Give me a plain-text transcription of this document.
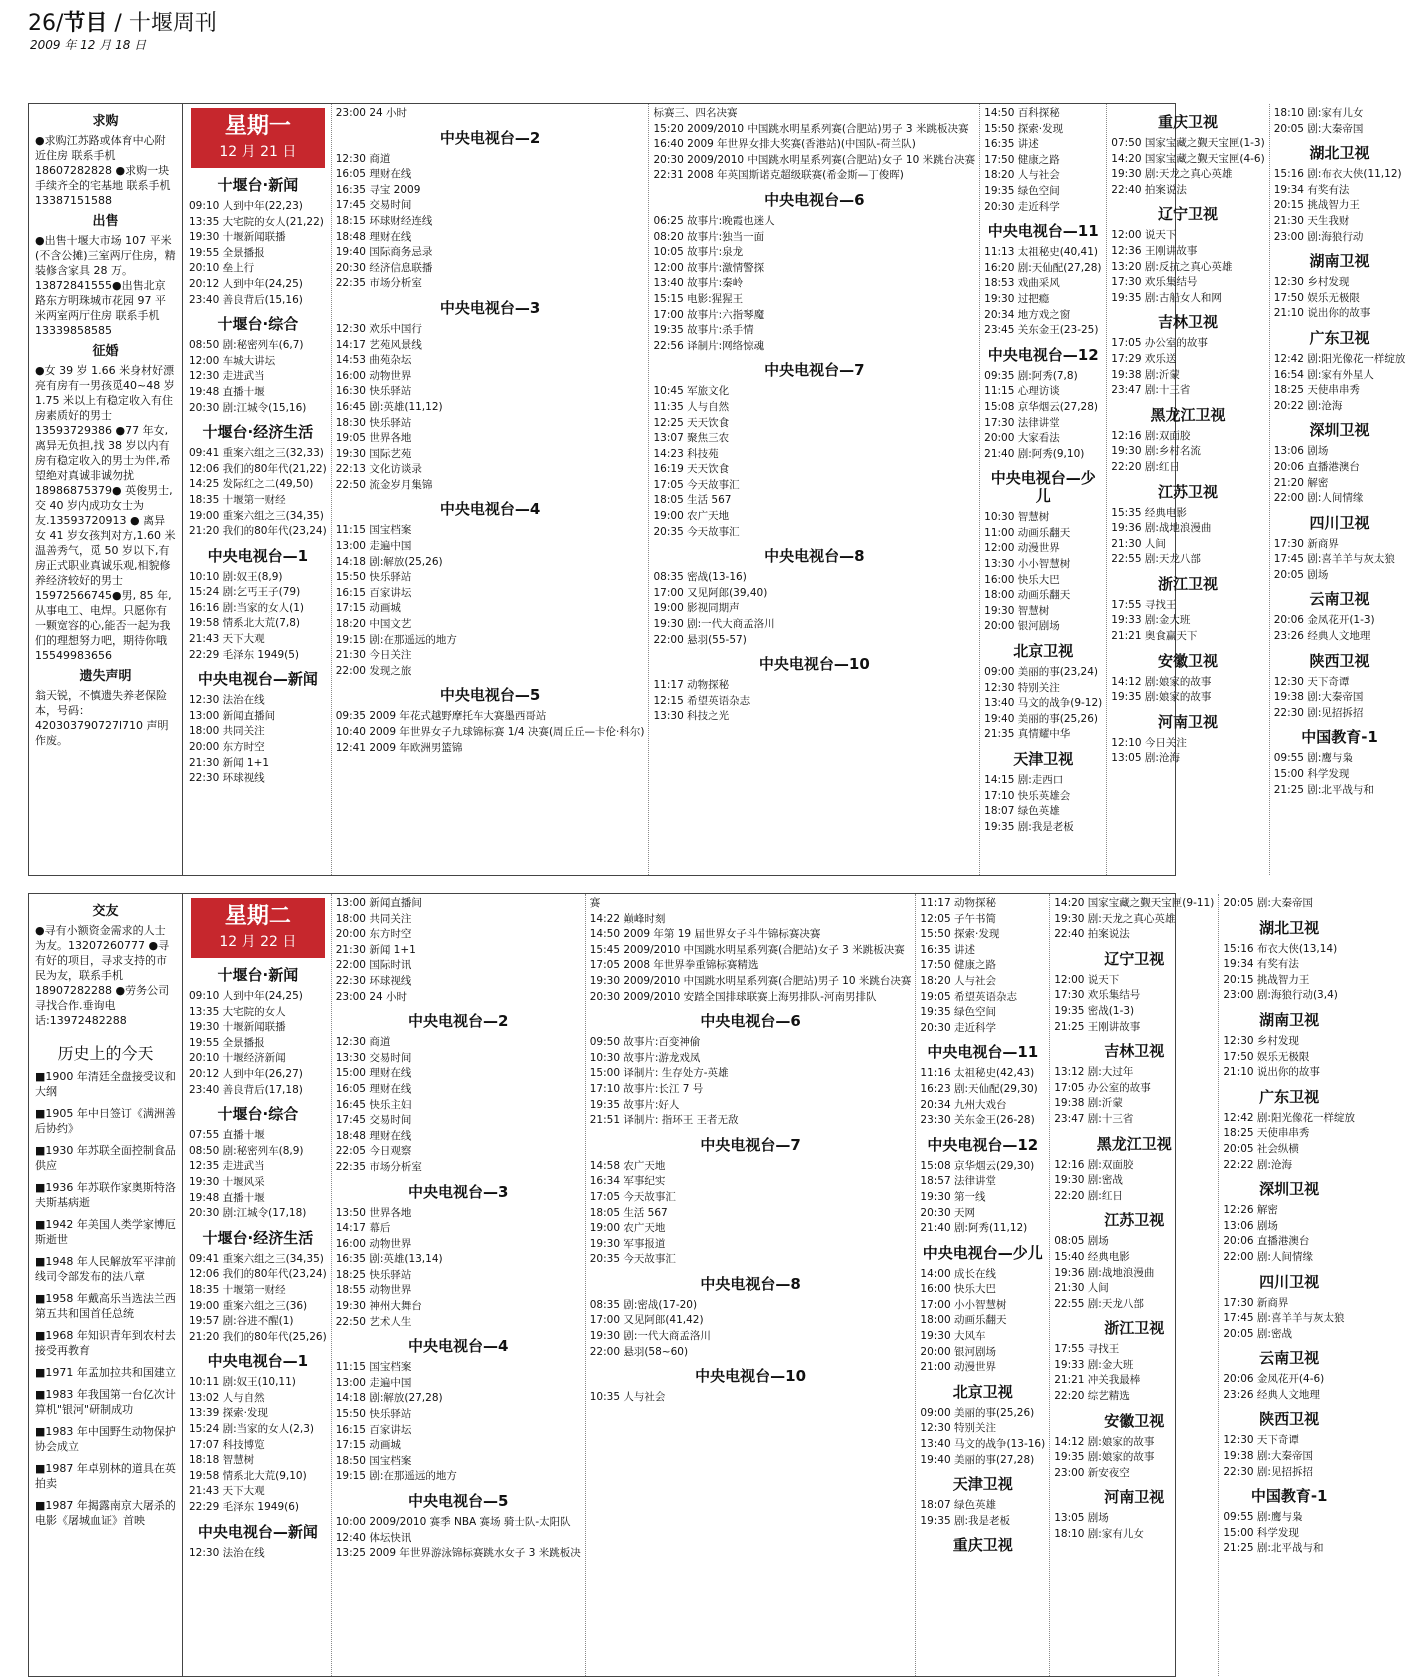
26/节目 / 十堰周刊
2009 年 12 月 18 日
求购

●求购江苏路或体育中心附近住房 联系手机 18607282828 ●求购一块手续齐全的宅基地 联系手机 13387151588

出售

●出售十堰大市场 107 平米(不含公摊)三室两厅住房，精装修含家具 28 万。13872841555●出售北京路东方明珠城市花园 97 平米两室两厅住房 联系手机 13339858585

征婚

●女 39 岁 1.66 米身材好漂亮有房有一男孩觅40~48 岁 1.75 米以上有稳定收入有住房素质好的男士 13593729386 ●77 年女, 离异无负担,找 38 岁以内有房有稳定收入的男士为伴,希望绝对真诚非诚勿扰 18986875379● 英俊男士, 交 40 岁内成功女士为友.13593720913 ● 离异女 41 岁女孩判对方,1.60 米温善秀气，觅 50 岁以下,有房正式职业真诚乐观,相貌修养经济较好的男士 15972566745●男, 85 年, 从事电工、电焊。只愿你有一颗宽容的心,能否一起为我们的理想努力吧，期待你哦 15549983656

遗失声明

翁天锐，不慎遗失养老保险本，号码：420303790727l710 声明作废。

星期一
12 月 21 日
十堰台·新闻
09:10 人到中年(22,23)
13:35 大宅院的女人(21,22)
19:30 十堰新闻联播
19:55 全景播报
20:10 垒上行
20:12 人到中年(24,25)
23:40 善良背后(15,16)
十堰台·综合
08:50 剧:秘密列车(6,7)
12:00 车城大讲坛
12:30 走进武当
19:48 直播十堰
20:30 剧:江城令(15,16)
十堰台·经济生活
09:41 重案六组之三(32,33)
12:06 我们的80年代(21,22)
14:25 发际红之二(49,50)
18:35 十堰第一财经
19:00 重案六组之三(34,35)
21:20 我们的80年代(23,24)
中央电视台—1
10:10 剧:奴王(8,9)
15:24 剧:乞丐王子(79)
16:16 剧:当家的女人(1)
19:58 情系北大荒(7,8)
21:43 天下大观
22:29 毛泽东 1949(5)
中央电视台—新闻
12:30 法治在线
13:00 新闻直播间
18:00 共同关注
20:00 东方时空
21:30 新闻 1+1
22:30 环球视线
23:00 24 小时
中央电视台—2
12:30 商道
16:05 理财在线
16:35 寻宝 2009
17:45 交易时间
18:15 环球财经连线
18:48 理财在线
19:40 国际商务忌录
20:30 经济信息联播
22:35 市场分析室
中央电视台—3
12:30 欢乐中国行
14:17 艺苑风景线
14:53 曲苑杂坛
16:00 动物世界
16:30 快乐驿站
16:45 剧:英雄(11,12)
18:30 快乐驿站
19:05 世界各地
19:30 国际艺苑
22:13 文化访谈录
22:50 流金岁月集锦
中央电视台—4
11:15 国宝档案
13:00 走遍中国
14:18 剧:解放(25,26)
15:50 快乐驿站
16:15 百家讲坛
17:15 动画城
18:20 中国文艺
19:15 剧:在那遥远的地方
21:30 今日关注
22:00 发现之旅
中央电视台—5
09:35 2009 年花式越野摩托车大赛墨西哥站
10:40 2009 年世界女子九球锦标赛 1/4 决赛(周丘丘—卡伦·科尔)
12:41 2009 年欧洲男篮锦
标赛三、四名决赛
15:20 2009/2010 中国跳水明星系列赛(合肥站)男子 3 米跳板决赛
16:40 2009 年世界女排大奖赛(香港站)(中国队-荷兰队)
20:30 2009/2010 中国跳水明星系列赛(合肥站)女子 10 米跳台决赛
22:31 2008 年英国斯诺克超级联赛(希金斯—丁俊晖)
中央电视台—6
06:25 故事片:晚霞也迷人
08:20 故事片:独当一面
10:05 故事片:泉龙
12:00 故事片:激情警探
13:40 故事片:秦岭
15:15 电影:猩猩王
17:00 故事片:六指琴魔
19:35 故事片:杀手情
22:56 译制片:网络惊魂
中央电视台—7
10:45 军旅文化
11:35 人与自然
12:25 天天饮食
13:07 聚焦三农
14:23 科技苑
16:19 天天饮食
17:05 今天故事汇
18:05 生活 567
19:00 农广天地
20:35 今天故事汇
中央电视台—8
08:35 密战(13-16)
17:00 又见阿郎(39,40)
19:00 影视同期声
19:30 剧:一代大商孟洛川
22:00 悬羽(55-57)
中央电视台—10
11:17 动物探秘
12:15 希望英语杂志
13:30 科技之光
14:50 百科探秘
15:50 探索·发现
16:35 讲述
17:50 健康之路
18:20 人与社会
19:35 绿色空间
20:30 走近科学
中央电视台—11
11:13 太祖秘史(40,41)
16:20 剧:天仙配(27,28)
18:53 戏曲采风
19:30 过把瘾
20:34 地方戏之窗
23:45 关东金王(23-25)
中央电视台—12
09:35 剧:阿秀(7,8)
11:15 心理访谈
15:08 京华烟云(27,28)
17:30 法律讲堂
20:00 大家看法
21:40 剧:阿秀(9,10)
中央电视台—少儿
10:30 智慧树
11:00 动画乐翻天
12:00 动漫世界
13:30 小小智慧树
16:00 快乐大巴
18:00 动画乐翻天
19:30 智慧树
20:00 银河剧场
北京卫视
09:00 美丽的事(23,24)
12:30 特别关注
13:40 马文的战争(9-12)
19:40 美丽的事(25,26)
21:35 真情耀中华
天津卫视
14:15 剧:走西口
17:10 快乐英雄会
18:07 绿色英雄
19:35 剧:我是老板
重庆卫视
07:50 国家宝藏之觐天宝匣(1-3)
14:20 国家宝藏之觐天宝匣(4-6)
19:30 剧:天龙之真心英雄
22:40 拍案说法
辽宁卫视
12:00 说天下
12:36 王刚讲故事
13:20 剧:反抗之真心英雄
17:30 欢乐集结号
19:35 剧:古船女人和网
吉林卫视
17:05 办公室的故事
17:29 欢乐送
19:38 剧:沂蒙
23:47 剧:十三省
黑龙江卫视
12:16 剧:双面胶
19:30 剧:乡村名流
22:20 剧:红日
江苏卫视
15:35 经典电影
19:36 剧:战地浪漫曲
21:30 人间
22:55 剧:天龙八部
浙江卫视
17:55 寻找王
19:33 剧:金大班
21:21 奥食赢天下
安徽卫视
14:12 剧:娘家的故事
19:35 剧:娘家的故事
河南卫视
12:10 今日关注
13:05 剧:沧海
18:10 剧:家有儿女
20:05 剧:大秦帝国
湖北卫视
15:16 剧:布衣大侠(11,12)
19:34 有奖有法
20:15 挑战智力王
21:30 天生我财
23:00 剧:海狼行动
湖南卫视
12:30 乡村发现
17:50 娱乐无极限
21:10 说出你的故事
广东卫视
12:42 剧:阳光像花一样绽放
16:54 剧:家有外星人
18:25 天使串串秀
20:22 剧:沧海
深圳卫视
13:06 剧场
20:06 直播港澳台
21:20 解密
22:00 剧:人间情缘
四川卫视
17:30 新商界
17:45 剧:喜羊羊与灰太狼
20:05 剧场
云南卫视
20:06 金凤花开(1-3)
23:26 经典人文地理
陕西卫视
12:30 天下奇谭
19:38 剧:大秦帝国
22:30 剧:见招拆招
中国教育-1
09:55 剧:鹰与枭
15:00 科学发现
21:25 剧:北平战与和
交友

●寻有小额资金需求的人士为友。13207260777 ●寻有好的项目，寻求支持的市民为友，联系手机 18907282288 ●劳务公司寻找合作.垂询电话:13972482288

历史上的今天

■1900 年清廷全盘接受议和大纲

■1905 年中日签订《满洲善后协约》

■1930 年苏联全面控制食品供应

■1936 年苏联作家奥斯特洛夫斯基病逝

■1942 年美国人类学家博厄斯逝世

■1948 年人民解放军平津前线司令部发布的法八章

■1958 年戴高乐当选法兰西第五共和国首任总统

■1968 年知识青年到农村去接受再教育

■1971 年孟加拉共和国建立

■1983 年我国第一台亿次计算机"银河"研制成功

■1983 年中国野生动物保护协会成立

■1987 年卓别林的道具在英拍卖

■1987 年揭露南京大屠杀的电影《屠城血证》首映

星期二
12 月 22 日
十堰台·新闻
09:10 人到中年(24,25)
13:35 大宅院的女人
19:30 十堰新闻联播
19:55 全景播报
20:10 十堰经济新闻
20:12 人到中年(26,27)
23:40 善良背后(17,18)
十堰台·综合
07:55 直播十堰
08:50 剧:秘密列车(8,9)
12:35 走进武当
19:30 十堰风采
19:48 直播十堰
20:30 剧:江城令(17,18)
十堰台·经济生活
09:41 重案六组之三(34,35)
12:06 我们的80年代(23,24)
18:35 十堰第一财经
19:00 重案六组之三(36)
19:57 剧:谷进不醒(1)
21:20 我们的80年代(25,26)
中央电视台—1
10:11 剧:奴王(10,11)
13:02 人与自然
13:39 探索·发现
15:24 剧:当家的女人(2,3)
17:07 科技博览
18:18 智慧树
19:58 情系北大荒(9,10)
21:43 天下大观
22:29 毛泽东 1949(6)
中央电视台—新闻
12:30 法治在线
13:00 新闻直播间
18:00 共同关注
20:00 东方时空
21:30 新闻 1+1
22:00 国际时讯
22:30 环球视线
23:00 24 小时
中央电视台—2
12:30 商道
13:30 交易时间
15:00 理财在线
16:05 理财在线
16:45 快乐主妇
17:45 交易时间
18:48 理财在线
22:05 今日观察
22:35 市场分析室
中央电视台—3
13:50 世界各地
14:17 幕后
16:00 动物世界
16:35 剧:英雄(13,14)
18:25 快乐驿站
18:55 动物世界
19:30 神州大舞台
22:50 艺术人生
中央电视台—4
11:15 国宝档案
13:00 走遍中国
14:18 剧:解放(27,28)
15:50 快乐驿站
16:15 百家讲坛
17:15 动画城
18:50 国宝档案
19:15 剧:在那遥远的地方
中央电视台—5
10:00 2009/2010 赛季 NBA 赛场 骑士队-太阳队
12:40 体坛快讯
13:25 2009 年世界游泳锦标赛跳水女子 3 米跳板决
赛
14:22 巅峰时刻
14:50 2009 年第 19 届世界女子斗牛锦标赛决赛
15:45 2009/2010 中国跳水明星系列赛(合肥站)女子 3 米跳板决赛
17:05 2008 年世界拳重锦标赛精选
19:30 2009/2010 中国跳水明星系列赛(合肥站)男子 10 米跳台决赛
20:30 2009/2010 安踏全国排球联赛上海男排队-河南男排队
中央电视台—6
09:50 故事片:百变神偷
10:30 故事片:游龙戏凤
15:00 译制片: 生存处方-英雄
17:10 故事片:长江 7 号
19:35 故事片:好人
21:51 译制片: 指环王 王者无敌
中央电视台—7
14:58 农广天地
16:34 军事纪实
17:05 今天故事汇
18:05 生活 567
19:00 农广天地
19:30 军事报道
20:35 今天故事汇
中央电视台—8
08:35 剧:密战(17-20)
17:00 又见阿郎(41,42)
19:30 剧:一代大商孟洛川
22:00 悬羽(58~60)
中央电视台—10
10:35 人与社会
11:17 动物探秘
12:05 子午书简
15:50 探索·发现
16:35 讲述
17:50 健康之路
18:20 人与社会
19:05 希望英语杂志
19:35 绿色空间
20:30 走近科学
中央电视台—11
11:16 太祖秘史(42,43)
16:23 剧:天仙配(29,30)
20:34 九州大戏台
23:30 关东金王(26-28)
中央电视台—12
15:08 京华烟云(29,30)
18:57 法律讲堂
19:30 第一线
20:30 天网
21:40 剧:阿秀(11,12)
中央电视台—少儿
14:00 成长在线
16:00 快乐大巴
17:00 小小智慧树
18:00 动画乐翻天
19:30 大风车
20:00 银河剧场
21:00 动漫世界
北京卫视
09:00 美丽的事(25,26)
12:30 特别关注
13:40 马文的战争(13-16)
19:40 美丽的事(27,28)
天津卫视
18:07 绿色英雄
19:35 剧:我是老板
重庆卫视
14:20 国家宝藏之觐天宝匣(9-11)
19:30 剧:天龙之真心英雄
22:40 拍案说法
辽宁卫视
12:00 说天下
17:30 欢乐集结号
19:35 密战(1-3)
21:25 王刚讲故事
吉林卫视
13:12 剧:大过年
17:05 办公室的故事
19:38 剧:沂蒙
23:47 剧:十三省
黑龙江卫视
12:16 剧:双面胶
19:30 剧:密战
22:20 剧:红日
江苏卫视
08:05 剧场
15:40 经典电影
19:36 剧:战地浪漫曲
21:30 人间
22:55 剧:天龙八部
浙江卫视
17:55 寻找王
19:33 剧:金大班
21:21 冲关我最棒
22:20 综艺精选
安徽卫视
14:12 剧:娘家的故事
19:35 剧:娘家的故事
23:00 新安夜空
河南卫视
13:05 剧场
18:10 剧:家有儿女
20:05 剧:大秦帝国
湖北卫视
15:16 布衣大侠(13,14)
19:34 有奖有法
20:15 挑战智力王
23:00 剧:海狼行动(3,4)
湖南卫视
12:30 乡村发现
17:50 娱乐无极限
21:10 说出你的故事
广东卫视
12:42 剧:阳光像花一样绽放
18:25 天使串串秀
20:05 社会纵横
22:22 剧:沧海
深圳卫视
12:26 解密
13:06 剧场
20:06 直播港澳台
22:00 剧:人间情缘
四川卫视
17:30 新商界
17:45 剧:喜羊羊与灰太狼
20:05 剧:密战
云南卫视
20:06 金凤花开(4-6)
23:26 经典人文地理
陕西卫视
12:30 天下奇谭
19:38 剧:大秦帝国
22:30 剧:见招拆招
中国教育-1
09:55 剧:鹰与枭
15:00 科学发现
21:25 剧:北平战与和
